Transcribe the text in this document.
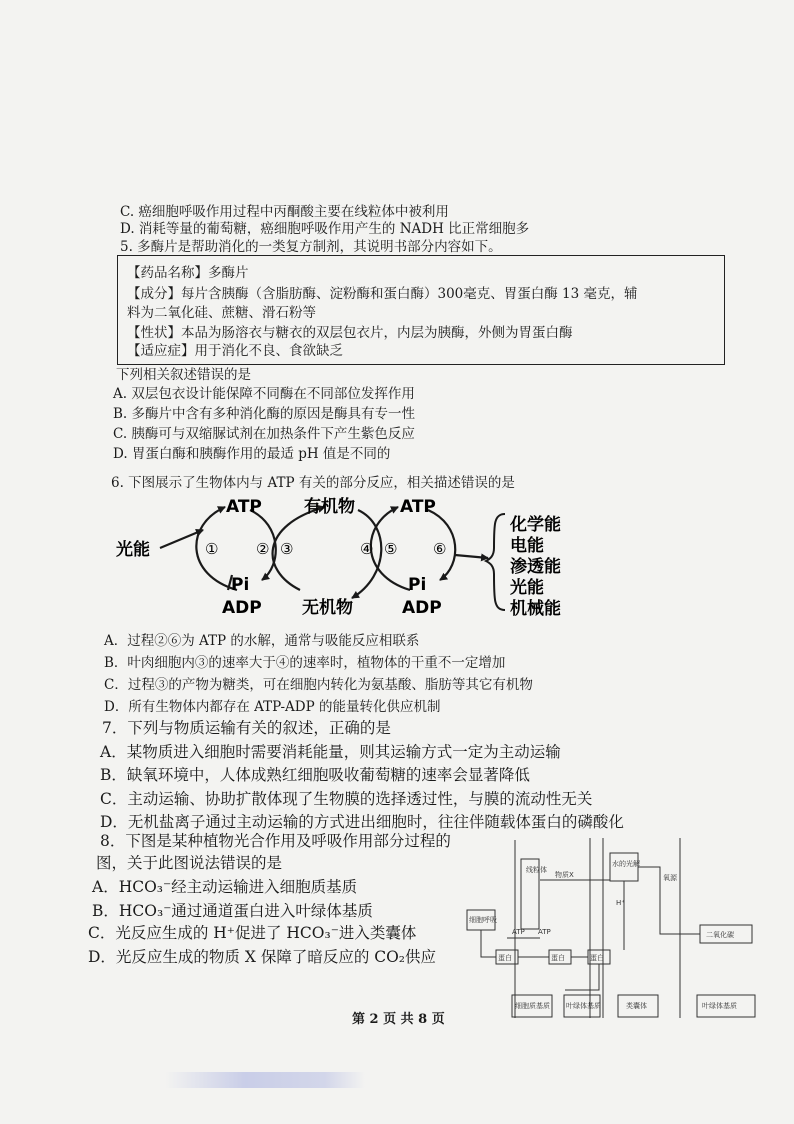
C. 癌细胞呼吸作用过程中丙酮酸主要在线粒体中被利用
D. 消耗等量的葡萄糖，癌细胞呼吸作用产生的 NADH 比正常细胞多
5. 多酶片是帮助消化的一类复方制剂，其说明书部分内容如下。
【药品名称】多酶片
【成分】每片含胰酶（含脂肪酶、淀粉酶和蛋白酶）300毫克、胃蛋白酶 13 毫克，辅
料为二氧化硅、蔗糖、滑石粉等
【性状】本品为肠溶衣与糖衣的双层包衣片，内层为胰酶，外侧为胃蛋白酶
【适应症】用于消化不良、食欲缺乏
下列相关叙述错误的是
A. 双层包衣设计能保障不同酶在不同部位发挥作用
B. 多酶片中含有多种消化酶的原因是酶具有专一性
C. 胰酶可与双缩脲试剂在加热条件下产生紫色反应
D. 胃蛋白酶和胰酶作用的最适 pH 值是不同的
6. 下图展示了生物体内与 ATP 有关的部分反应，相关描述错误的是
光能
ATP
Pi
ADP
①	② ③
有机物
无机物
④ ⑤ ⑥
ATP
Pi
ADP
化学能
电能
渗透能
光能
机械能
A．过程②⑥为 ATP 的水解，通常与吸能反应相联系
B．叶肉细胞内③的速率大于④的速率时，植物体的干重不一定增加
C．过程③的产物为糖类，可在细胞内转化为氨基酸、脂肪等其它有机物
D．所有生物体内都存在 ATP-ADP 的能量转化供应机制
7．下列与物质运输有关的叙述，正确的是
A．某物质进入细胞时需要消耗能量，则其运输方式一定为主动运输
B．缺氧环境中，人体成熟红细胞吸收葡萄糖的速率会显著降低
C．主动运输、协助扩散体现了生物膜的选择透过性，与膜的流动性无关
D．无机盐离子通过主动运输的方式进出细胞时，往往伴随载体蛋白的磷酸化
8．下图是某种植物光合作用及呼吸作用部分过程的
图，关于此图说法错误的是
A．HCO₃⁻经主动运输进入细胞质基质
B．HCO₃⁻通过通道蛋白进入叶绿体基质
C．光反应生成的 H⁺促进了 HCO₃⁻进入类囊体
D．光反应生成的物质 X 保障了暗反应的 CO₂供应
线粒体
细胞呼吸
ATP ATP
物质X
水的光解
H⁺
氧源
蛋白	蛋白	蛋白
二氧化碳
细胞质基质 叶绿体基质	类囊体	叶绿体基质
第 2 页 共 8 页
